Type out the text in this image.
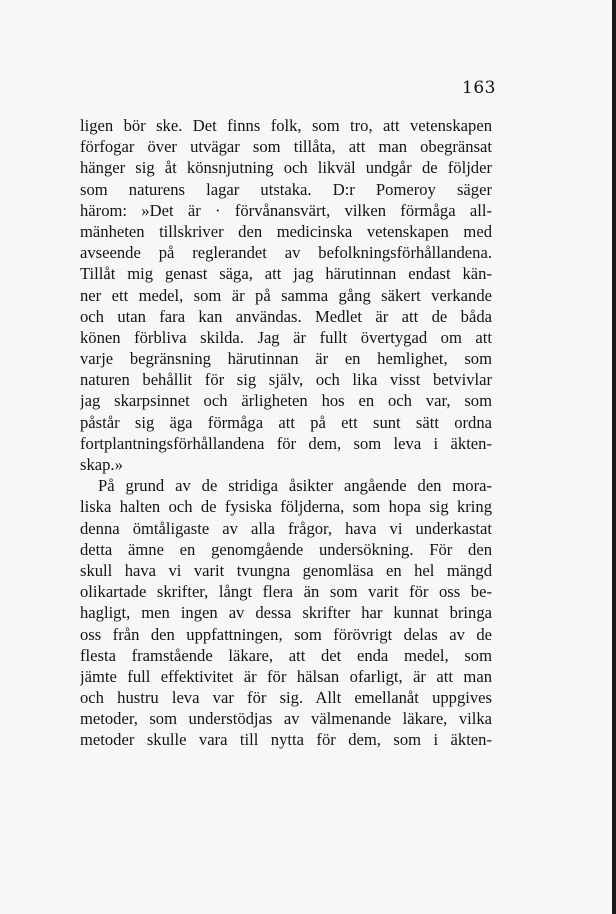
163
ligen bör ske. Det finns folk, som tro, att vetenskapen
förfogar över utvägar som tillåta, att man obegränsat
hänger sig åt könsnjutning och likväl undgår de följder
som naturens lagar utstaka. D:r Pomeroy säger
härom: »Det är · förvånansvärt, vilken förmåga all-
mänheten tillskriver den medicinska vetenskapen med
avseende på reglerandet av befolkningsförhållandena.
Tillåt mig genast säga, att jag härutinnan endast kän-
ner ett medel, som är på samma gång säkert verkande
och utan fara kan användas. Medlet är att de båda
könen förbliva skilda. Jag är fullt övertygad om att
varje begränsning härutinnan är en hemlighet, som
naturen behållit för sig själv, och lika visst betvivlar
jag skarpsinnet och ärligheten hos en och var, som
påstår sig äga förmåga att på ett sunt sätt ordna
fortplantningsförhållandena för dem, som leva i äkten-
skap.»
På grund av de stridiga åsikter angående den mora-
liska halten och de fysiska följderna, som hopa sig kring
denna ömtåligaste av alla frågor, hava vi underkastat
detta ämne en genomgående undersökning. För den
skull hava vi varit tvungna genomläsa en hel mängd
olikartade skrifter, långt flera än som varit för oss be-
hagligt, men ingen av dessa skrifter har kunnat bringa
oss från den uppfattningen, som förövrigt delas av de
flesta framstående läkare, att det enda medel, som
jämte full effektivitet är för hälsan ofarligt, är att man
och hustru leva var för sig. Allt emellanåt uppgives
metoder, som understödjas av välmenande läkare, vilka
metoder skulle vara till nytta för dem, som i äkten-
